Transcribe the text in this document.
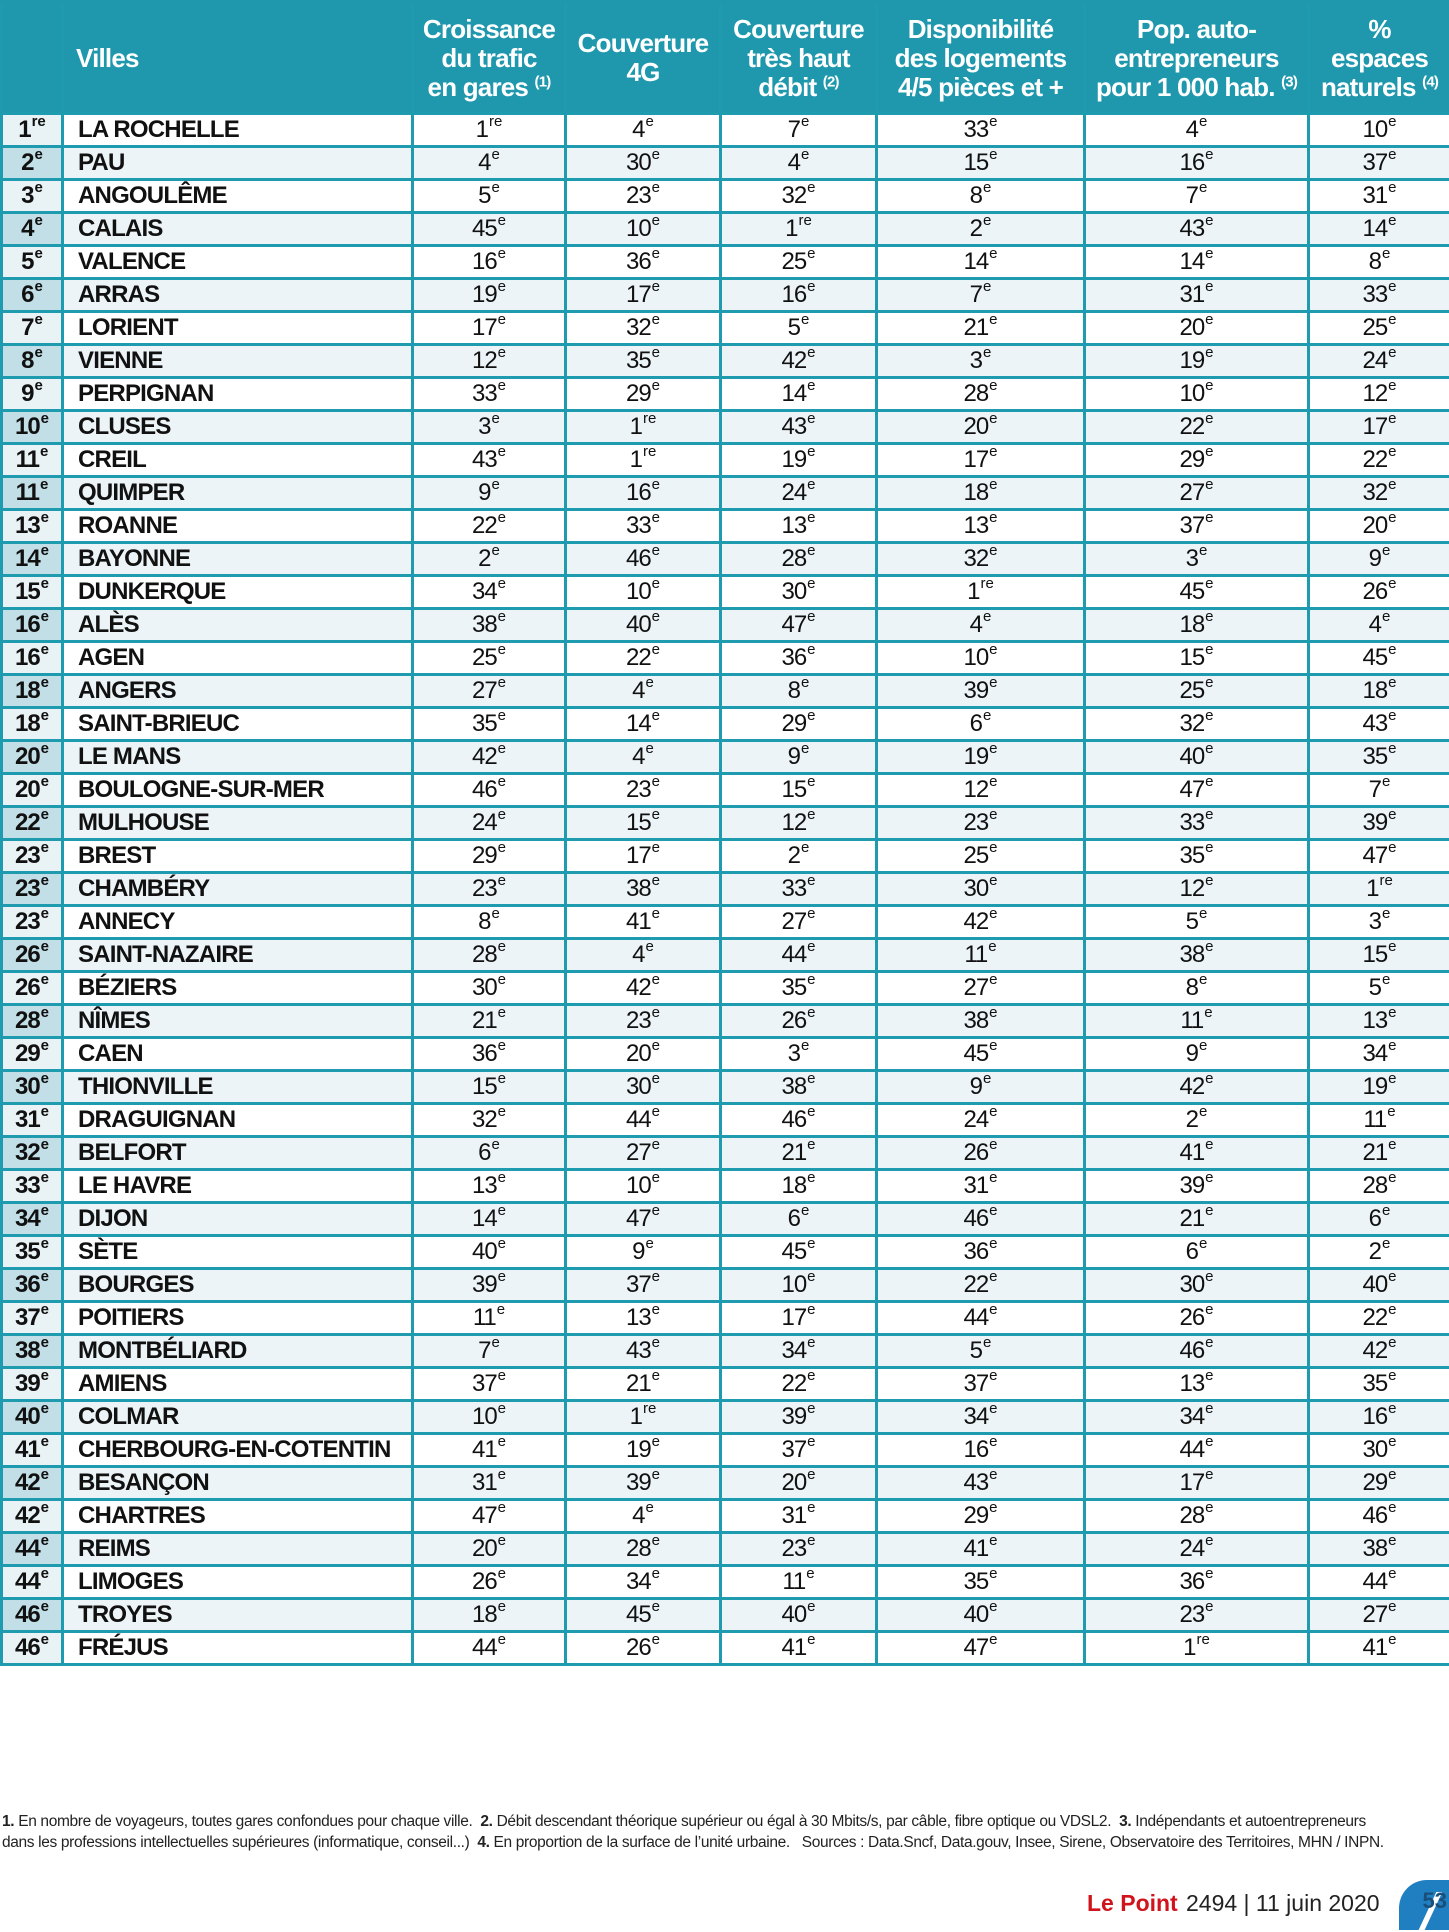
	Villes	Croissance
du trafic
en gares $^{(1)}$	Couverture
4G	Couverture
très haut
débit $^{(2)}$	Disponibilité
des logements
4/5 pièces et +	Pop. auto-
entrepreneurs
pour 1 000 hab. $^{(3)}$	%
espaces
naturels $^{(4)}$

1re	LA ROCHELLE	1re	4e	7e	33e	4e	10e
2e	PAU	4e	30e	4e	15e	16e	37e
3e	ANGOULÊME	5e	23e	32e	8e	7e	31e
4e	CALAIS	45e	10e	1re	2e	43e	14e
5e	VALENCE	16e	36e	25e	14e	14e	8e
6e	ARRAS	19e	17e	16e	7e	31e	33e
7e	LORIENT	17e	32e	5e	21e	20e	25e
8e	VIENNE	12e	35e	42e	3e	19e	24e
9e	PERPIGNAN	33e	29e	14e	28e	10e	12e
10e	CLUSES	3e	1re	43e	20e	22e	17e
11e	CREIL	43e	1re	19e	17e	29e	22e
11e	QUIMPER	9e	16e	24e	18e	27e	32e
13e	ROANNE	22e	33e	13e	13e	37e	20e
14e	BAYONNE	2e	46e	28e	32e	3e	9e
15e	DUNKERQUE	34e	10e	30e	1re	45e	26e
16e	ALÈS	38e	40e	47e	4e	18e	4e
16e	AGEN	25e	22e	36e	10e	15e	45e
18e	ANGERS	27e	4e	8e	39e	25e	18e
18e	SAINT-BRIEUC	35e	14e	29e	6e	32e	43e
20e	LE MANS	42e	4e	9e	19e	40e	35e
20e	BOULOGNE-SUR-MER	46e	23e	15e	12e	47e	7e
22e	MULHOUSE	24e	15e	12e	23e	33e	39e
23e	BREST	29e	17e	2e	25e	35e	47e
23e	CHAMBÉRY	23e	38e	33e	30e	12e	1re
23e	ANNECY	8e	41e	27e	42e	5e	3e
26e	SAINT-NAZAIRE	28e	4e	44e	11e	38e	15e
26e	BÉZIERS	30e	42e	35e	27e	8e	5e
28e	NÎMES	21e	23e	26e	38e	11e	13e
29e	CAEN	36e	20e	3e	45e	9e	34e
30e	THIONVILLE	15e	30e	38e	9e	42e	19e
31e	DRAGUIGNAN	32e	44e	46e	24e	2e	11e
32e	BELFORT	6e	27e	21e	26e	41e	21e
33e	LE HAVRE	13e	10e	18e	31e	39e	28e
34e	DIJON	14e	47e	6e	46e	21e	6e
35e	SÈTE	40e	9e	45e	36e	6e	2e
36e	BOURGES	39e	37e	10e	22e	30e	40e
37e	POITIERS	11e	13e	17e	44e	26e	22e
38e	MONTBÉLIARD	7e	43e	34e	5e	46e	42e
39e	AMIENS	37e	21e	22e	37e	13e	35e
40e	COLMAR	10e	1re	39e	34e	34e	16e
41e	CHERBOURG-EN-COTENTIN	41e	19e	37e	16e	44e	30e
42e	BESANÇON	31e	39e	20e	43e	17e	29e
42e	CHARTRES	47e	4e	31e	29e	28e	46e
44e	REIMS	20e	28e	23e	41e	24e	38e
44e	LIMOGES	26e	34e	11e	35e	36e	44e
46e	TROYES	18e	45e	40e	40e	23e	27e
46e	FRÉJUS	44e	26e	41e	47e	1re	41e
1. En nombre de voyageurs, toutes gares confondues pour chaque ville. 2. Débit descendant théorique supérieur ou égal à 30 Mbits/s, par câble, fibre optique ou VDSL2. 3. Indépendants et autoentrepreneurs
dans les professions intellectuelles supérieures (informatique, conseil...) 4. En proportion de la surface de l’unité urbaine. Sources : Data.Sncf, Data.gouv, Insee, Sirene, Observatoire des Territoires, MHN / INPN.
Le Point 2494 | 11 juin 2020 53
